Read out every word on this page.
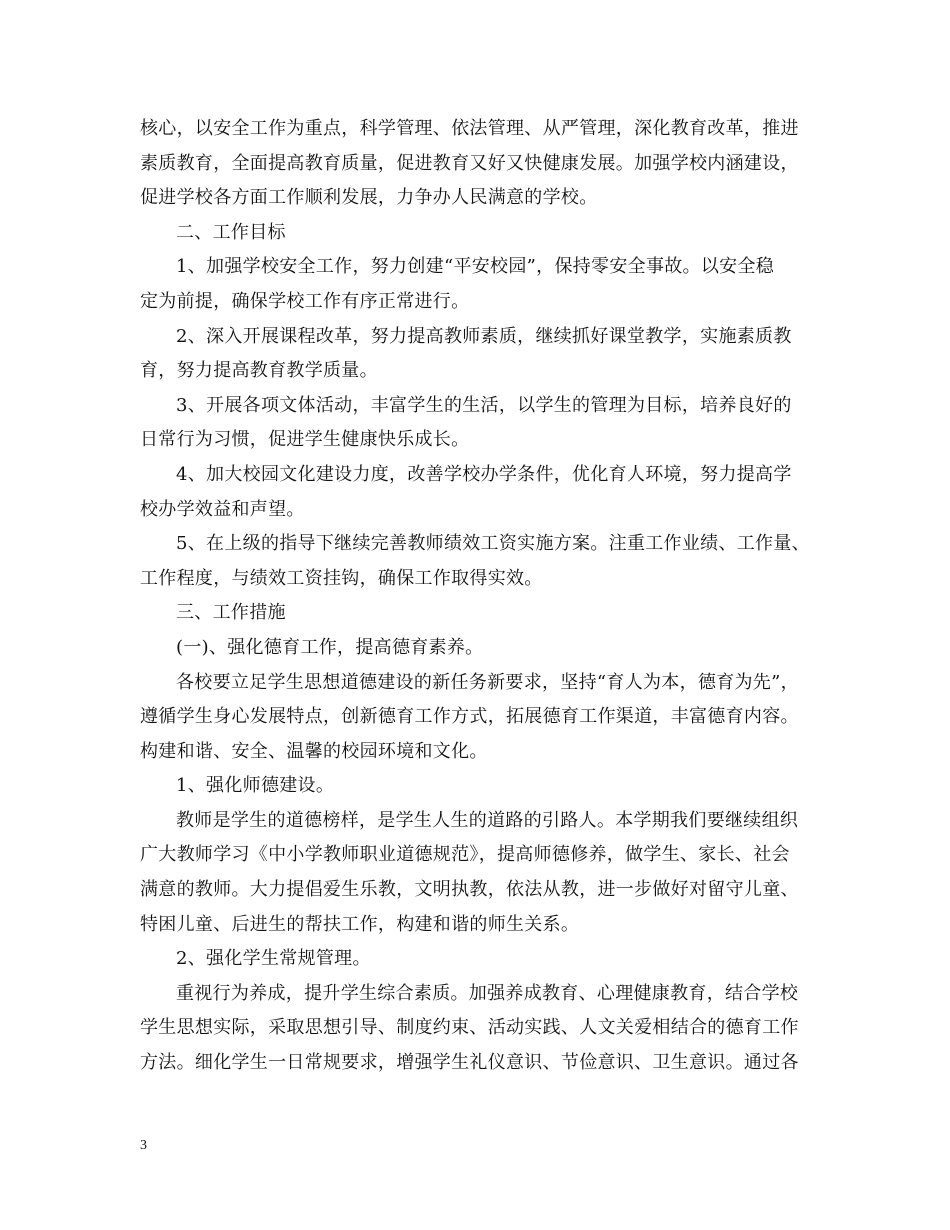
核心，以安全工作为重点，科学管理、依法管理、从严管理，深化教育改革，推进
素质教育，全面提高教育质量，促进教育又好又快健康发展。加强学校内涵建设，
促进学校各方面工作顺利发展，力争办人民满意的学校。
二、工作目标
1、加强学校安全工作，努力创建“平安校园”，保持零安全事故。以安全稳
定为前提，确保学校工作有序正常进行。
2、深入开展课程改革，努力提高教师素质，继续抓好课堂教学，实施素质教
育，努力提高教育教学质量。
3、开展各项文体活动，丰富学生的生活，以学生的管理为目标，培养良好的
日常行为习惯，促进学生健康快乐成长。
4、加大校园文化建设力度，改善学校办学条件，优化育人环境，努力提高学
校办学效益和声望。
5、在上级的指导下继续完善教师绩效工资实施方案。注重工作业绩、工作量、
工作程度，与绩效工资挂钩，确保工作取得实效。
三、工作措施
(一)、强化德育工作，提高德育素养。
各校要立足学生思想道德建设的新任务新要求，坚持“育人为本，德育为先”，
遵循学生身心发展特点，创新德育工作方式，拓展德育工作渠道，丰富德育内容。
构建和谐、安全、温馨的校园环境和文化。
1、强化师德建设。
教师是学生的道德榜样，是学生人生的道路的引路人。本学期我们要继续组织
广大教师学习《中小学教师职业道德规范》，提高师德修养，做学生、家长、社会
满意的教师。大力提倡爱生乐教，文明执教，依法从教，进一步做好对留守儿童、
特困儿童、后进生的帮扶工作，构建和谐的师生关系。
2、强化学生常规管理。
重视行为养成，提升学生综合素质。加强养成教育、心理健康教育，结合学校
学生思想实际，采取思想引导、制度约束、活动实践、人文关爱相结合的德育工作
方法。细化学生一日常规要求，增强学生礼仪意识、节俭意识、卫生意识。通过各
3
